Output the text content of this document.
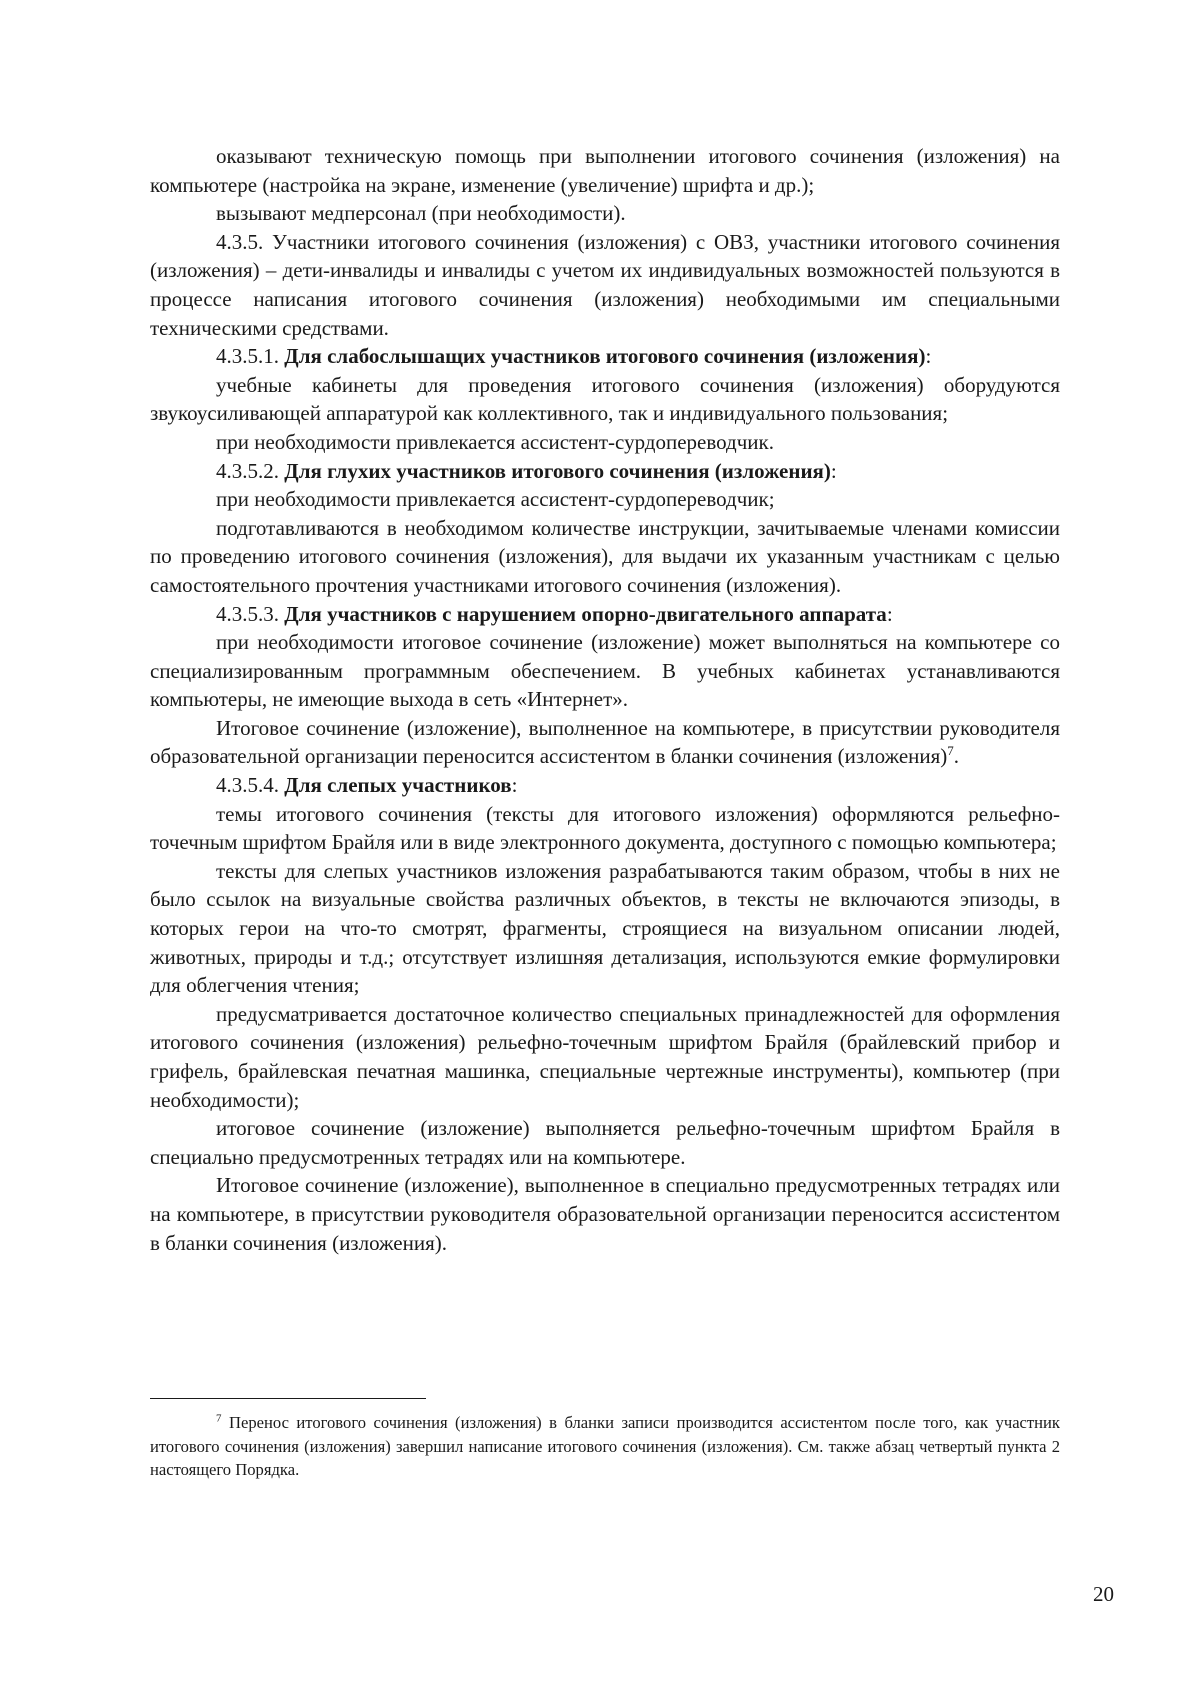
оказывают техническую помощь при выполнении итогового сочинения (изложения) на компьютере (настройка на экране, изменение (увеличение) шрифта и др.);

вызывают медперсонал (при необходимости).

4.3.5. Участники итогового сочинения (изложения) с ОВЗ, участники итогового сочинения (изложения) – дети-инвалиды и инвалиды с учетом их индивидуальных возможностей пользуются в процессе написания итогового сочинения (изложения) необходимыми им специальными техническими средствами.

4.3.5.1. Для слабослышащих участников итогового сочинения (изложения):

учебные кабинеты для проведения итогового сочинения (изложения) оборудуются звукоусиливающей аппаратурой как коллективного, так и индивидуального пользования;

при необходимости привлекается ассистент-сурдопереводчик.

4.3.5.2. Для глухих участников итогового сочинения (изложения):

при необходимости привлекается ассистент-сурдопереводчик;

подготавливаются в необходимом количестве инструкции, зачитываемые членами комиссии по проведению итогового сочинения (изложения), для выдачи их указанным участникам с целью самостоятельного прочтения участниками итогового сочинения (изложения).

4.3.5.3. Для участников с нарушением опорно-двигательного аппарата:

при необходимости итоговое сочинение (изложение) может выполняться на компьютере со специализированным программным обеспечением. В учебных кабинетах устанавливаются компьютеры, не имеющие выхода в сеть «Интернет».

Итоговое сочинение (изложение), выполненное на компьютере, в присутствии руководителя образовательной организации переносится ассистентом в бланки сочинения (изложения)$^7$.

4.3.5.4. Для слепых участников:

темы итогового сочинения (тексты для итогового изложения) оформляются рельефно-точечным шрифтом Брайля или в виде электронного документа, доступного с помощью компьютера;

тексты для слепых участников изложения разрабатываются таким образом, чтобы в них не было ссылок на визуальные свойства различных объектов, в тексты не включаются эпизоды, в которых герои на что-то смотрят, фрагменты, строящиеся на визуальном описании людей, животных, природы и т.д.; отсутствует излишняя детализация, используются емкие формулировки для облегчения чтения;

предусматривается достаточное количество специальных принадлежностей для оформления итогового сочинения (изложения) рельефно-точечным шрифтом Брайля (брайлевский прибор и грифель, брайлевская печатная машинка, специальные чертежные инструменты), компьютер (при необходимости);

итоговое сочинение (изложение) выполняется рельефно-точечным шрифтом Брайля в специально предусмотренных тетрадях или на компьютере.

Итоговое сочинение (изложение), выполненное в специально предусмотренных тетрадях или на компьютере, в присутствии руководителя образовательной организации переносится ассистентом в бланки сочинения (изложения).

$^7$ Перенос итогового сочинения (изложения) в бланки записи производится ассистентом после того, как участник итогового сочинения (изложения) завершил написание итогового сочинения (изложения). См. также абзац четвертый пункта 2 настоящего Порядка.

20
